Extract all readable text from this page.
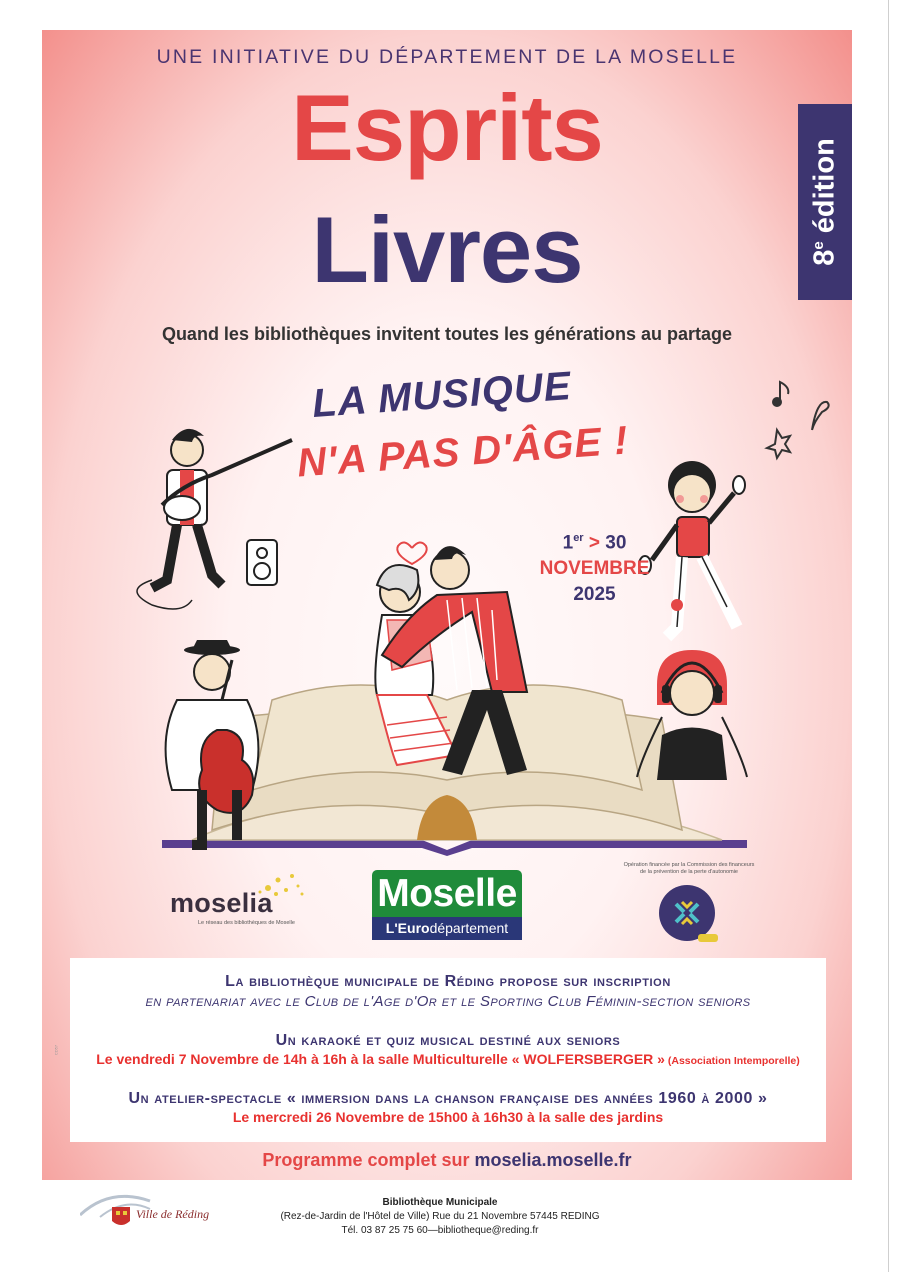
UNE INITIATIVE DU DÉPARTEMENT DE LA MOSELLE
Esprits
Livres	8e édition
Quand les bibliothèques invitent toutes les générations au partage
LA MUSIQUE
N'A PAS D'ÂGE !
1er > 30
NOVEMBRE
2025
moselia
Le réseau des bibliothèques de Moselle
Moselle
L'Eurodépartement
Opération financée par la Commission des financeurs
de la prévention de la perte d'autonomie
CD57
La bibliothèque municipale de Réding propose sur inscription
en partenariat avec le Club de l'Age d'Or et le Sporting Club Féminin-section seniors
Un karaoké et quiz musical destiné aux seniors
Le vendredi 7 Novembre de 14h à 16h à la salle Multiculturelle « WOLFERSBERGER » (Association Intemporelle)
Un atelier-spectacle « immersion dans la chanson française des années 1960 à 2000 »
Le mercredi 26 Novembre de 15h00 à 16h30 à la salle des jardins
Programme complet sur moselia.moselle.fr
Ville de Réding
Bibliothèque Municipale
(Rez-de-Jardin de l'Hôtel de Ville) Rue du 21 Novembre 57445 REDING
Tél. 03 87 25 75 60—bibliotheque@reding.fr
